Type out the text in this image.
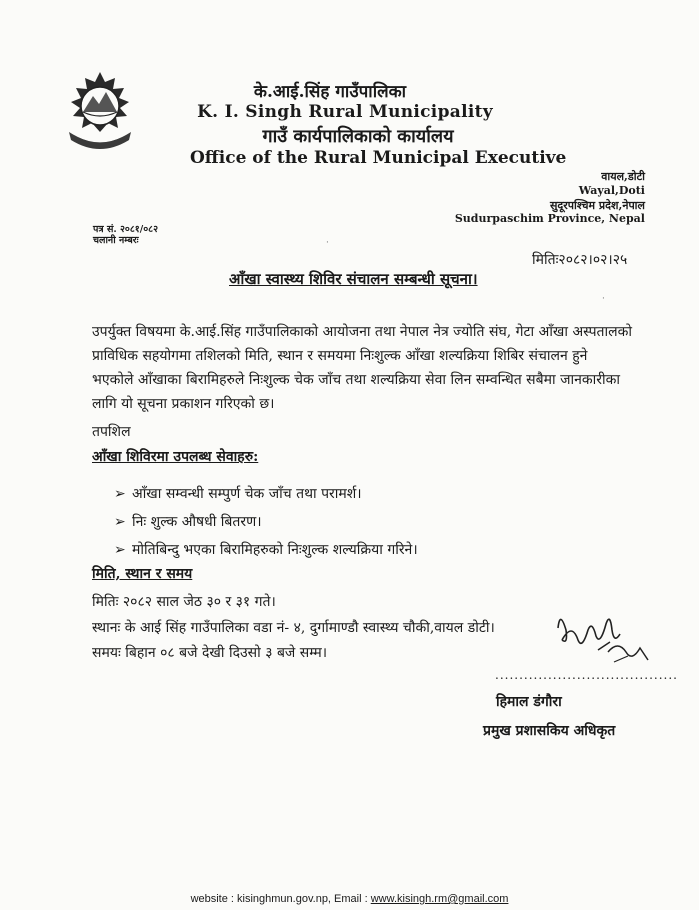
के.आई.सिंह गाउँपालिका
K. I. Singh Rural Municipality
गाउँ कार्यपालिकाको कार्यालय
Office of the Rural Municipal Executive
वायल,डोटी
Wayal,Doti
सुदूरपश्चिम प्रदेश,नेपाल
Sudurpaschim Province, Nepal
पत्र सं. २०८१/०८२
चलानी नम्बरः
मितिः२०८२।०२।२५
आँखा स्वास्थ्य शिविर संचालन सम्बन्धी सूचना।
उपर्युक्त विषयमा के.आई.सिंह गाउँपालिकाको आयोजना तथा नेपाल नेत्र ज्योति संघ, गेटा आँखा अस्पतालको
प्राविधिक सहयोगमा तशिलको मिति, स्थान र समयमा निःशुल्क आँखा शल्यक्रिया शिबिर संचालन हुने
भएकोले आँखाका बिरामिहरुले निःशुल्क चेक जाँच तथा शल्यक्रिया सेवा लिन सम्वन्धित सबैमा जानकारीका
लागि यो सूचना प्रकाशन गरिएको छ।
तपशिल
आँखा शिविरमा उपलब्ध सेवाहरु:
➢ आँखा सम्वन्धी सम्पुर्ण चेक जाँच तथा परामर्श।
➢ निः शुल्क औषधी बितरण।
➢ मोतिबिन्दु भएका बिरामिहरुको निःशुल्क शल्यक्रिया गरिने।
मिति, स्थान र समय
मितिः २०८२ साल जेठ ३० र ३१ गते।
स्थानः के आई सिंह गाउँपालिका वडा नं- ४, दुर्गामाण्डौ स्वास्थ्य चौकी,वायल डोटी।
समयः बिहान ०८ बजे देखी दिउसो ३ बजे सम्म।
......................................
हिमाल डंगौरा
प्रमुख प्रशासकिय अधिकृत
·
·
website : kisinghmun.gov.np, Email : www.kisingh.rm@gmail.com
